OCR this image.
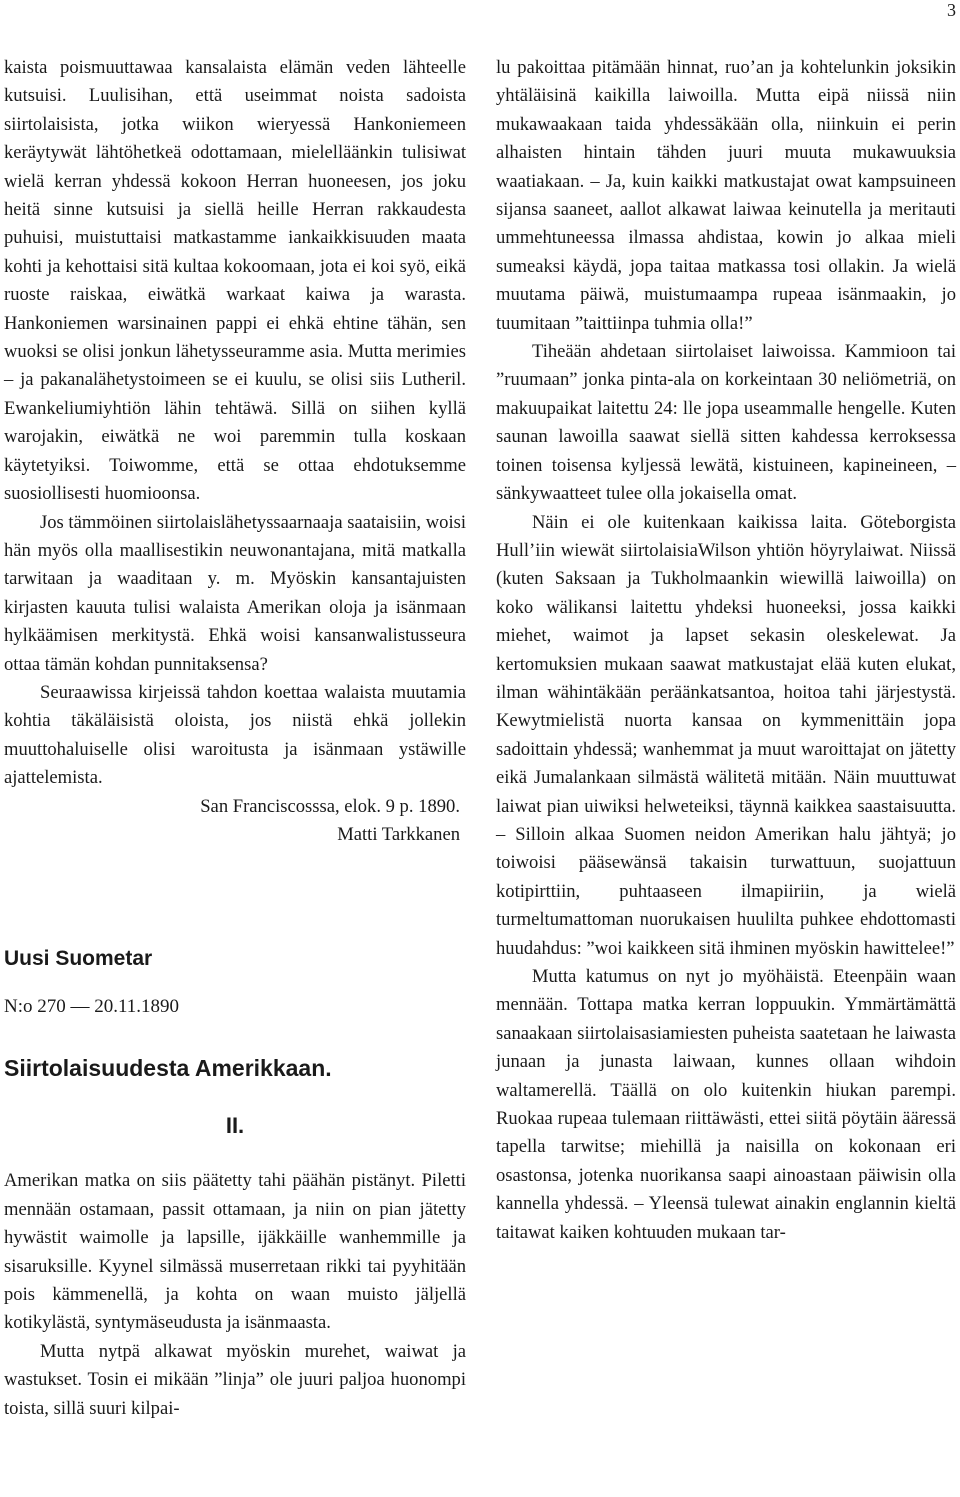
3

kaista poismuuttawaa kansalaista elämän veden lähteelle kutsuisi. Luulisihan, että useimmat noista sadoista siirtolaisista, jotka wiikon wieryessä Hankoniemeen keräytywät lähtöhetkeä odottamaan, mielelläänkin tulisiwat wielä kerran yhdessä kokoon Herran huoneesen, jos joku heitä sinne kutsuisi ja siellä heille Herran rakkaudesta puhuisi, muistuttaisi matkastamme iankaikkisuuden maata kohti ja kehottaisi sitä kultaa kokoomaan, jota ei koi syö, eikä ruoste raiskaa, eiwätkä warkaat kaiwa ja warasta. Hankoniemen warsinainen pappi ei ehkä ehtine tähän, sen wuoksi se olisi jonkun lähetysseuramme asia. Mutta merimies – ja pakanalähetystoimeen se ei kuulu, se olisi siis Lutheril. Ewankeliumiyhtiön lähin tehtäwä. Sillä on siihen kyllä warojakin, eiwätkä ne woi paremmin tulla koskaan käytetyiksi. Toiwomme, että se ottaa ehdotuksemme suosiollisesti huomioonsa.

Jos tämmöinen siirtolaislähetyssaarnaaja saataisiin, woisi hän myös olla maallisestikin neuwonantajana, mitä matkalla tarwitaan ja waaditaan y. m. Myöskin kansantajuisten kirjasten kauuta tulisi walaista Amerikan oloja ja isänmaan hylkäämisen merkitystä. Ehkä woisi kansanwalistusseura ottaa tämän kohdan punnitaksensa?

Seuraawissa kirjeissä tahdon koettaa walaista muutamia kohtia täkäläisistä oloista, jos niistä ehkä jollekin muuttohaluiselle olisi waroitusta ja isänmaan ystäwille ajattelemista.

San Franciscosssa, elok. 9 p. 1890.

Matti Tarkkanen

Uusi Suometar
N:o 270 — 20.11.1890
Siirtolaisuudesta Amerikkaan.
II.

Amerikan matka on siis päätetty tahi päähän pistänyt. Piletti mennään ostamaan, passit ottamaan, ja niin on pian jätetty hywästit waimolle ja lapsille, ijäkkäille wanhemmille ja sisaruksille. Kyynel silmässä muserretaan rikki tai pyyhitään pois kämmenellä, ja kohta on waan muisto jäljellä kotikylästä, syntymäseudusta ja isänmaasta.

Mutta nytpä alkawat myöskin murehet, waiwat ja wastukset. Tosin ei mikään ”linja” ole juuri paljoa huonompi toista, sillä suuri kilpai-

lu pakoittaa pitämään hinnat, ruo’an ja kohtelunkin joksikin yhtäläisinä kaikilla laiwoilla. Mutta eipä niissä niin mukawaakaan taida yhdessäkään olla, niinkuin ei perin alhaisten hintain tähden juuri muuta mukawuuksia waatiakaan. – Ja, kuin kaikki matkustajat owat kampsuineen sijansa saaneet, aallot alkawat laiwaa keinutella ja meritauti ummehtuneessa ilmassa ahdistaa, kowin jo alkaa mieli sumeaksi käydä, jopa taitaa matkassa tosi ollakin. Ja wielä muutama päiwä, muistumaampa rupeaa isänmaakin, jo tuumitaan ”taittiinpa tuhmia olla!”

Tiheään ahdetaan siirtolaiset laiwoissa. Kammioon tai ”ruumaan” jonka pinta-ala on korkeintaan 30 neliömetriä, on makuupaikat laitettu 24: lle jopa useammalle hengelle. Kuten saunan lawoilla saawat siellä sitten kahdessa kerroksessa toinen toisensa kyljessä lewätä, kistuineen, kapineineen, – sänkywaatteet tulee olla jokaisella omat.

Näin ei ole kuitenkaan kaikissa laita. Göteborgista Hull’iin wiewät siirtolaisiaWilson yhtiön höyrylaiwat. Niissä (kuten Saksaan ja Tukholmaankin wiewillä laiwoilla) on koko wälikansi laitettu yhdeksi huoneeksi, jossa kaikki miehet, waimot ja lapset sekasin oleskelewat. Ja kertomuksien mukaan saawat matkustajat elää kuten elukat, ilman wähintäkään peräänkatsantoa, hoitoa tahi järjestystä. Kewytmielistä nuorta kansaa on kymmenittäin jopa sadoittain yhdessä; wanhemmat ja muut waroittajat on jätetty eikä Jumalankaan silmästä wälitetä mitään. Näin muuttuwat laiwat pian uiwiksi helweteiksi, täynnä kaikkea saastaisuutta. – Silloin alkaa Suomen neidon Amerikan halu jähtyä; jo toiwoisi pääsewänsä takaisin turwattuun, suojattuun kotipirttiin, puhtaaseen ilmapiiriin, ja wielä turmeltumattoman nuorukaisen huulilta puhkee ehdottomasti huudahdus: ”woi kaikkeen sitä ihminen myöskin hawittelee!”

Mutta katumus on nyt jo myöhäistä. Eteenpäin waan mennään. Tottapa matka kerran loppuukin. Ymmärtämättä sanaakaan siirtolaisasiamiesten puheista saatetaan he laiwasta junaan ja junasta laiwaan, kunnes ollaan wihdoin waltamerellä. Täällä on olo kuitenkin hiukan parempi. Ruokaa rupeaa tulemaan riittäwästi, ettei siitä pöytäin ääressä tapella tarwitse; miehillä ja naisilla on kokonaan eri osastonsa, jotenka nuorikansa saapi ainoastaan päiwisin olla kannella yhdessä. – Yleensä tulewat ainakin englannin kieltä taitawat kaiken kohtuuden mukaan tar-
